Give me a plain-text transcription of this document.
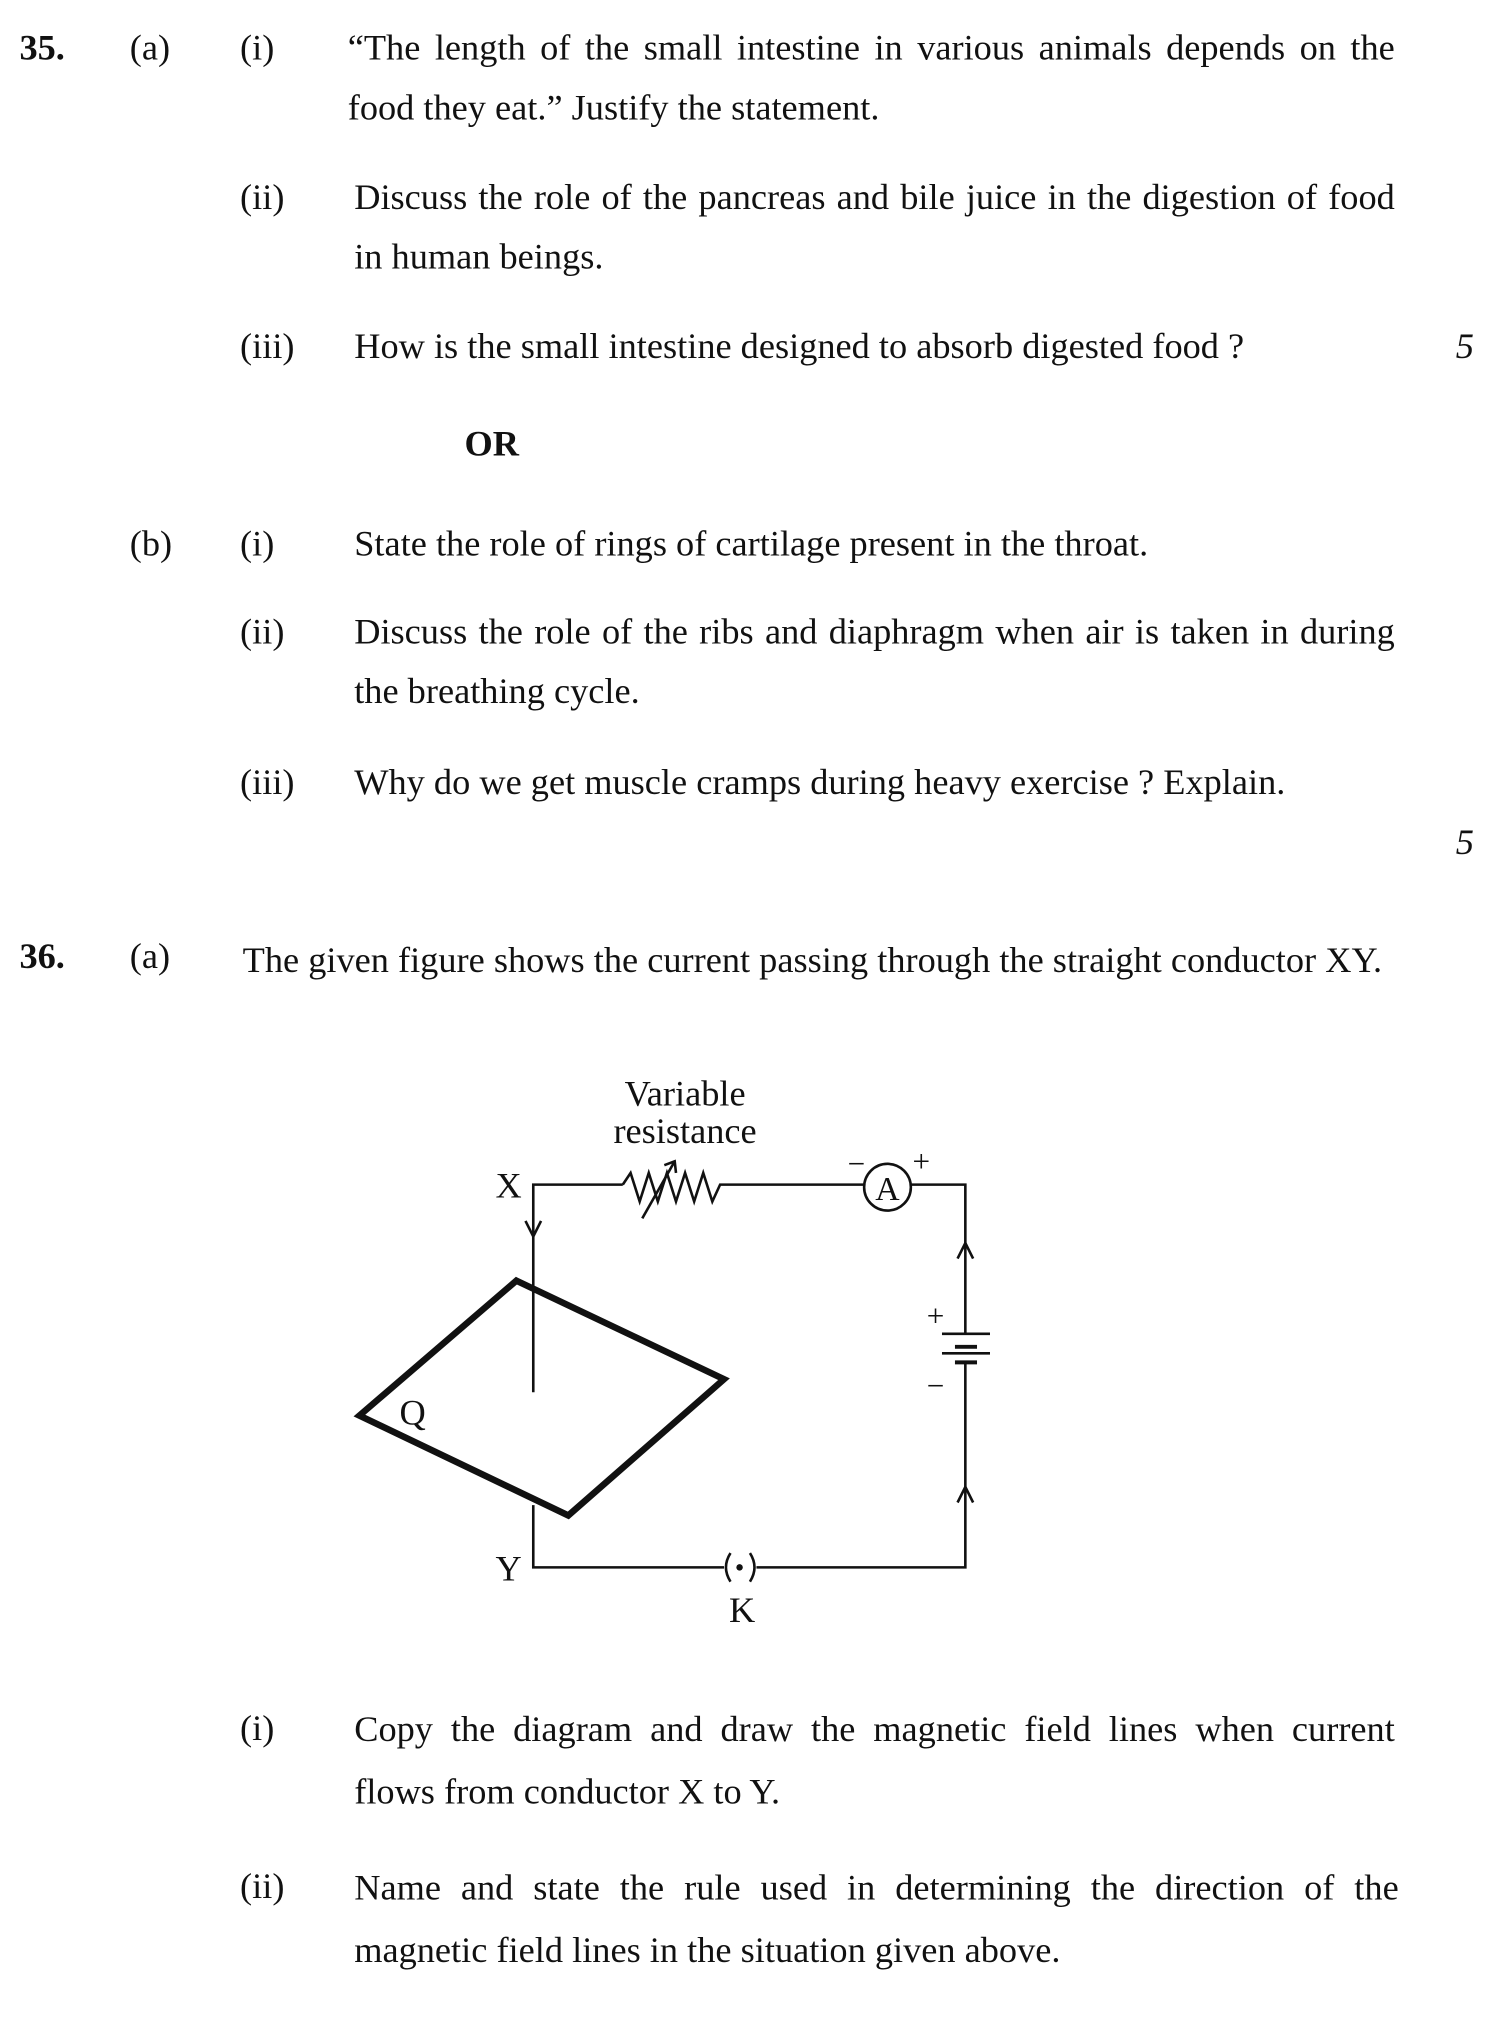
35. (a) (i)	“The length of the small intestine in various animals depends on the food they eat.” Justify the statement.
(ii) Discuss the role of the pancreas and bile juice in the digestion of food in human beings.
(iii) How is the small intestine designed to absorb digested food ?	5
OR
(b) (i)	State the role of rings of cartilage present in the throat.
(ii) Discuss the role of the ribs and diaphragm when air is taken in during the breathing cycle.
(iii) Why do we get muscle cramps during heavy exercise ? Explain.
5
36. (a)	The given figure shows the current passing through the straight conductor XY.
Variable
resistance
A
− +
+
−
X
Y
Q
K
(i)	Copy the diagram and draw the magnetic field lines when current flows from conductor X to Y.
(ii) Name and state the rule used in determining the direction of the magnetic field lines in the situation given above.
